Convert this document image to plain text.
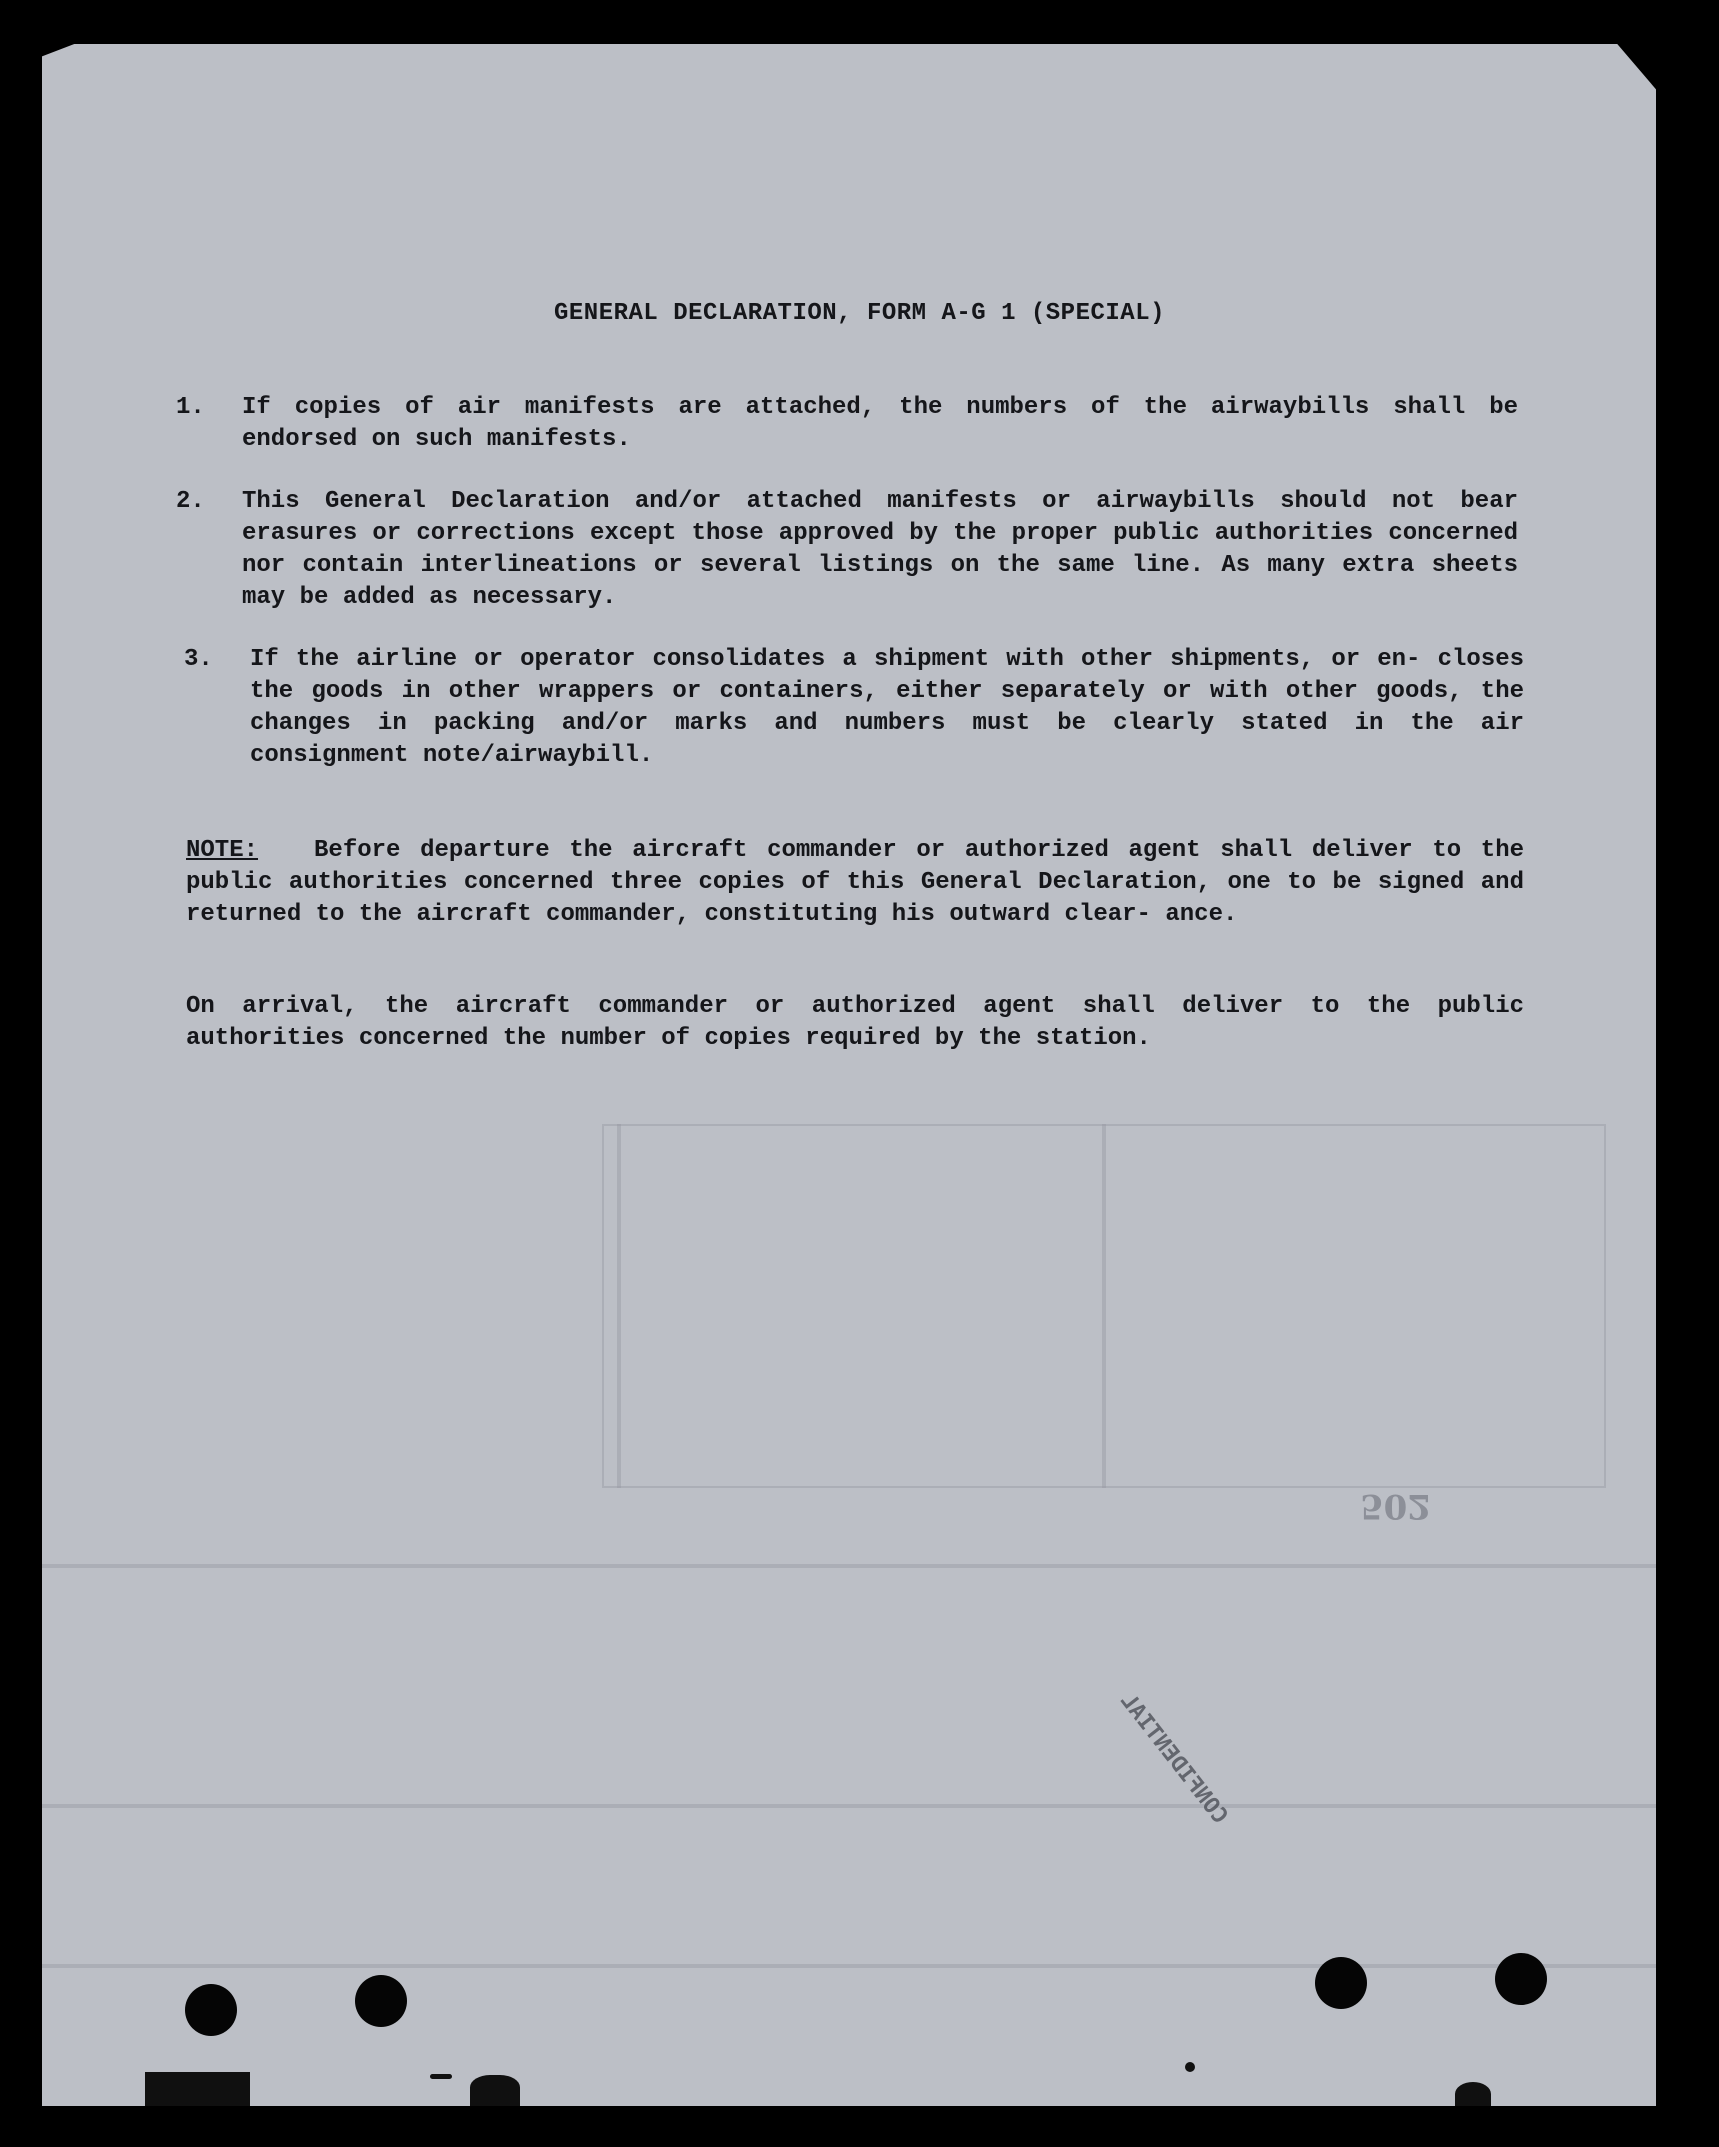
GENERAL DECLARATION, FORM A-G 1 (SPECIAL)
1. If copies of air manifests are attached, the numbers of the airwaybills shall be endorsed on such manifests.
2. This General Declaration and/or attached manifests or airwaybills should not bear erasures or corrections except those approved by the proper public authorities concerned nor contain interlineations or several listings on the same line. As many extra sheets may be added as necessary.
3. If the airline or operator consolidates a shipment with other shipments, or en- closes the goods in other wrappers or containers, either separately or with other goods, the changes in packing and/or marks and numbers must be clearly stated in the air consignment note/airwaybill.
NOTE: Before departure the aircraft commander or authorized agent shall deliver to the public authorities concerned three copies of this General Declaration, one to be signed and returned to the aircraft commander, constituting his outward clear- ance.
On arrival, the aircraft commander or authorized agent shall deliver to the public authorities concerned the number of copies required by the station.
502
CONFIDENTIAL
